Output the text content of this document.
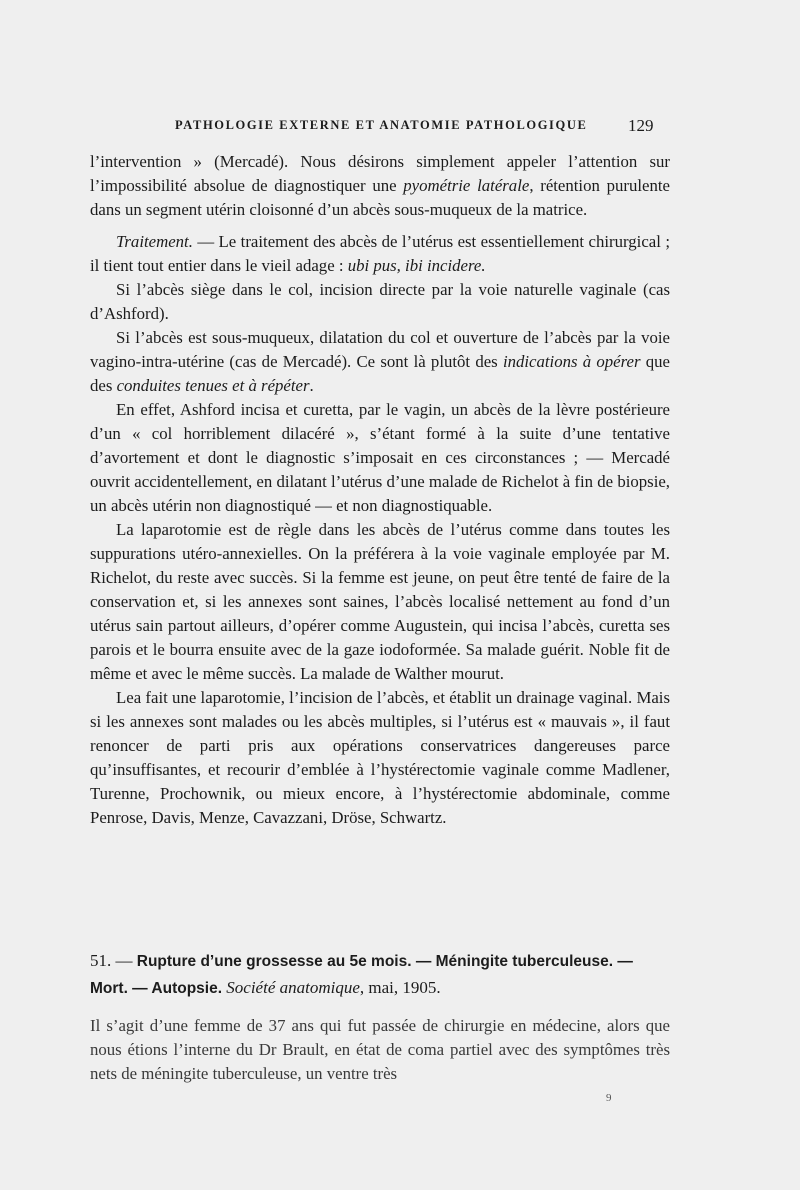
PATHOLOGIE EXTERNE ET ANATOMIE PATHOLOGIQUE	129

l’intervention » (Mercadé). Nous désirons simplement appeler l’attention sur l’impossibilité absolue de diagnostiquer une pyométrie latérale, rétention purulente dans un segment utérin cloisonné d’un abcès sous-muqueux de la matrice.

Traitement. — Le traitement des abcès de l’utérus est essentiellement chirurgical ; il tient tout entier dans le vieil adage : ubi pus, ibi incidere.

Si l’abcès siège dans le col, incision directe par la voie naturelle vaginale (cas d’Ashford).

Si l’abcès est sous-muqueux, dilatation du col et ouverture de l’abcès par la voie vagino-intra-utérine (cas de Mercadé). Ce sont là plutôt des indications à opérer que des conduites tenues et à répéter.

En effet, Ashford incisa et curetta, par le vagin, un abcès de la lèvre postérieure d’un « col horriblement dilacéré », s’étant formé à la suite d’une tentative d’avortement et dont le diagnostic s’imposait en ces circonstances ; — Mercadé ouvrit accidentellement, en dilatant l’utérus d’une malade de Richelot à fin de biopsie, un abcès utérin non diagnostiqué — et non diagnostiquable.

La laparotomie est de règle dans les abcès de l’utérus comme dans toutes les suppurations utéro-annexielles. On la préférera à la voie vaginale employée par M. Richelot, du reste avec succès. Si la femme est jeune, on peut être tenté de faire de la conservation et, si les annexes sont saines, l’abcès localisé nettement au fond d’un utérus sain partout ailleurs, d’opérer comme Augustein, qui incisa l’abcès, curetta ses parois et le bourra ensuite avec de la gaze iodoformée. Sa malade guérit. Noble fit de même et avec le même succès. La malade de Walther mourut.

Lea fait une laparotomie, l’incision de l’abcès, et établit un drainage vaginal. Mais si les annexes sont malades ou les abcès multiples, si l’utérus est « mauvais », il faut renoncer de parti pris aux opérations conservatrices dangereuses parce qu’insuffisantes, et recourir d’emblée à l’hystérectomie vaginale comme Madlener, Turenne, Prochownik, ou mieux encore, à l’hystérectomie abdominale, comme Penrose, Davis, Menze, Cavazzani, Dröse, Schwartz.

51. — Rupture d’une grossesse au 5e mois. — Méningite tuberculeuse. — Mort. — Autopsie. Société anatomique, mai, 1905.
Il s’agit d’une femme de 37 ans qui fut passée de chirurgie en médecine, alors que nous étions l’interne du Dr Brault, en état de coma partiel avec des symptômes très nets de méningite tuberculeuse, un ventre très
9
